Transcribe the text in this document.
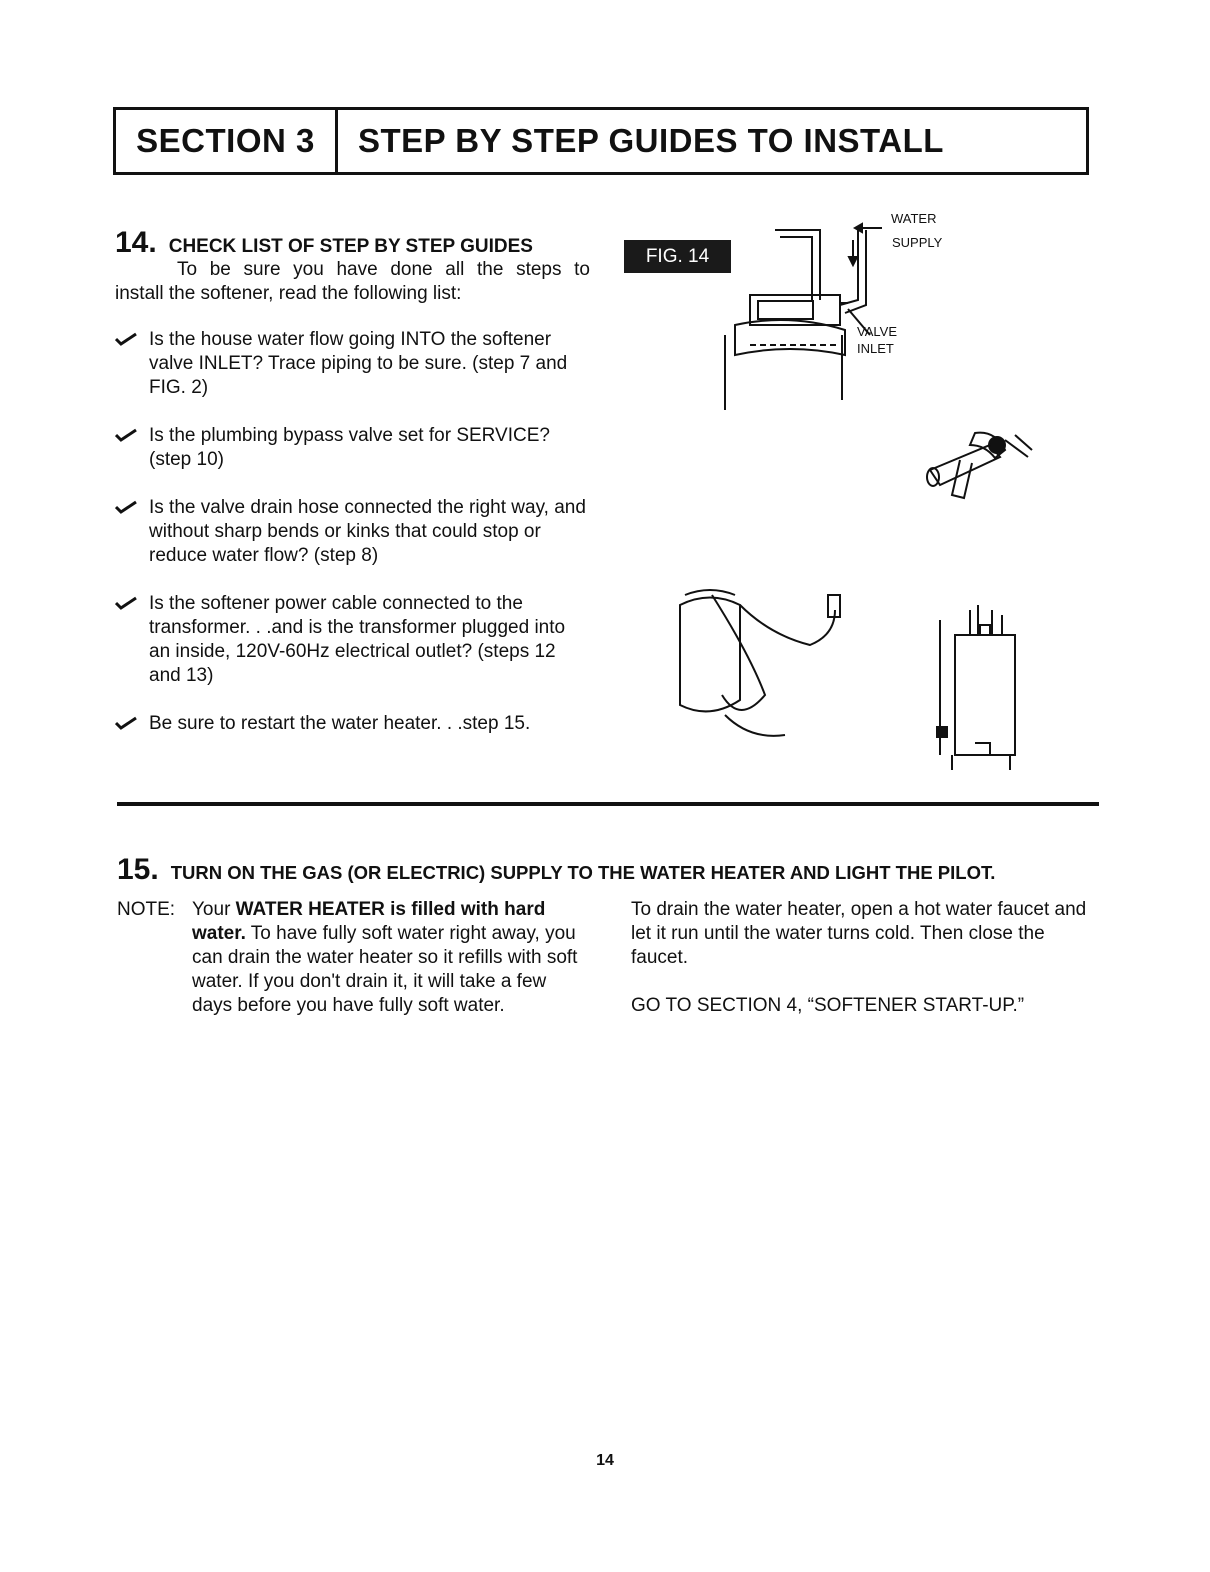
SECTION 3	STEP BY STEP GUIDES TO INSTALL
14. CHECK LIST OF STEP BY STEP GUIDES
To be sure you have done all the steps to
install the softener, read the following list:
Is the house water flow going INTO the softener valve INLET? Trace piping to be sure. (step 7 and FIG. 2)
Is the plumbing bypass valve set for SERVICE? (step 10)
Is the valve drain hose connected the right way, and without sharp bends or kinks that could stop or reduce water flow? (step 8)
Is the softener power cable connected to the transformer. . .and is the transformer plugged into an inside, 120V-60Hz electrical outlet? (steps 12 and 13)
Be sure to restart the water heater. . .step 15.
FIG. 14
WATER
SUPPLY
VALVE
INLET
15. TURN ON THE GAS (OR ELECTRIC) SUPPLY TO THE WATER HEATER AND LIGHT THE PILOT.
NOTE: Your WATER HEATER is filled with hard water. To have fully soft water right away, you can drain the water heater so it refills with soft water. If you don't drain it, it will take a few days before you have fully soft water.

To drain the water heater, open a hot water faucet and let it run until the water turns cold. Then close the faucet.

GO TO SECTION 4, “SOFTENER START-UP.”

14
